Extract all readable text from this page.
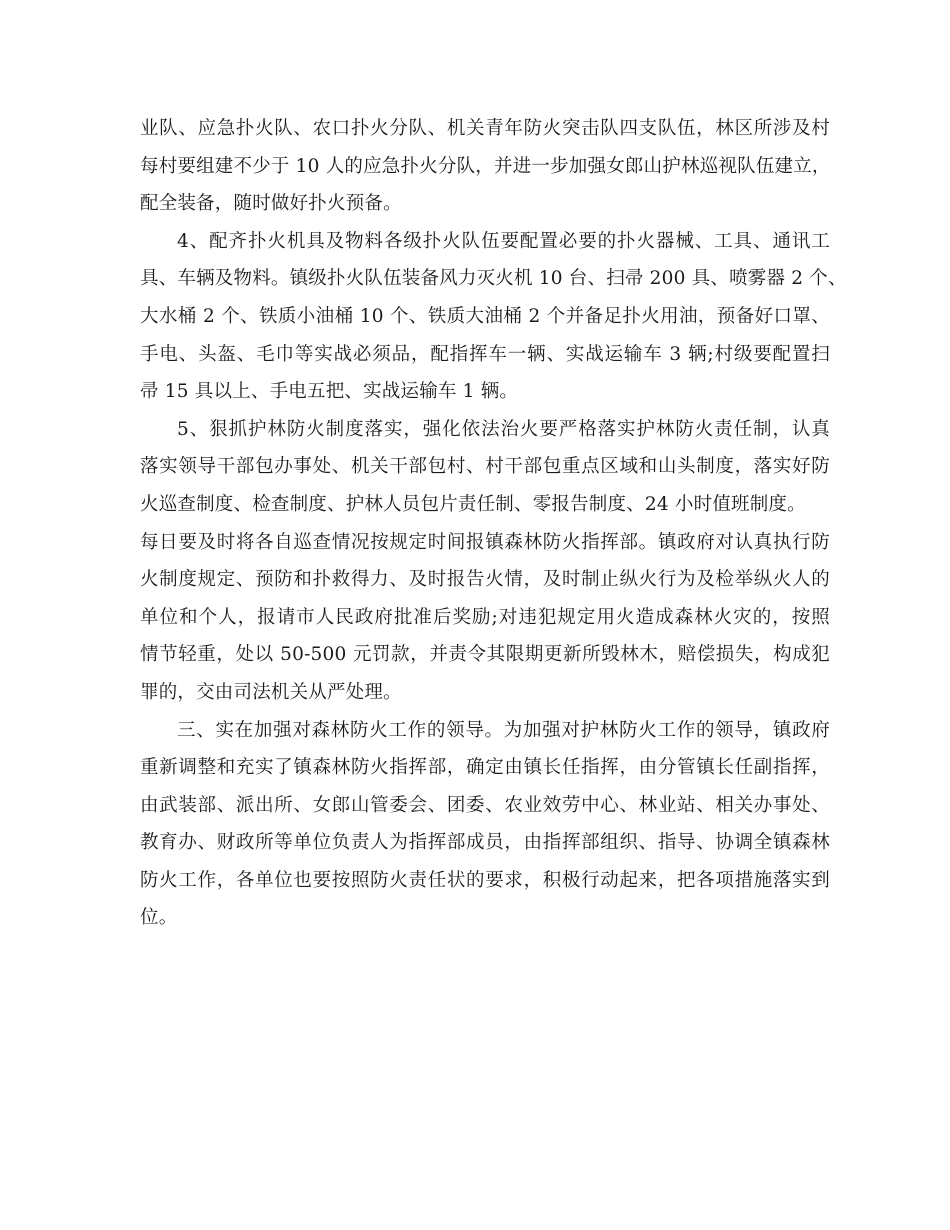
业队、应急扑火队、农口扑火分队、机关青年防火突击队四支队伍，林区所涉及村
每村要组建不少于 10 人的应急扑火分队，并进一步加强女郎山护林巡视队伍建立，
配全装备，随时做好扑火预备。
4、配齐扑火机具及物料各级扑火队伍要配置必要的扑火器械、工具、通讯工
具、车辆及物料。镇级扑火队伍装备风力灭火机 10 台、扫帚 200 具、喷雾器 2 个、
大水桶 2 个、铁质小油桶 10 个、铁质大油桶 2 个并备足扑火用油，预备好口罩、
手电、头盔、毛巾等实战必须品，配指挥车一辆、实战运输车 3 辆;村级要配置扫
帚 15 具以上、手电五把、实战运输车 1 辆。
5、狠抓护林防火制度落实，强化依法治火要严格落实护林防火责任制，认真
落实领导干部包办事处、机关干部包村、村干部包重点区域和山头制度，落实好防
火巡查制度、检查制度、护林人员包片责任制、零报告制度、24 小时值班制度。
每日要及时将各自巡查情况按规定时间报镇森林防火指挥部。镇政府对认真执行防
火制度规定、预防和扑救得力、及时报告火情，及时制止纵火行为及检举纵火人的
单位和个人，报请市人民政府批准后奖励;对违犯规定用火造成森林火灾的，按照
情节轻重，处以 50-500 元罚款，并责令其限期更新所毁林木，赔偿损失，构成犯
罪的，交由司法机关从严处理。
三、实在加强对森林防火工作的领导。为加强对护林防火工作的领导，镇政府
重新调整和充实了镇森林防火指挥部，确定由镇长任指挥，由分管镇长任副指挥，
由武装部、派出所、女郎山管委会、团委、农业效劳中心、林业站、相关办事处、
教育办、财政所等单位负责人为指挥部成员，由指挥部组织、指导、协调全镇森林
防火工作，各单位也要按照防火责任状的要求，积极行动起来，把各项措施落实到
位。
